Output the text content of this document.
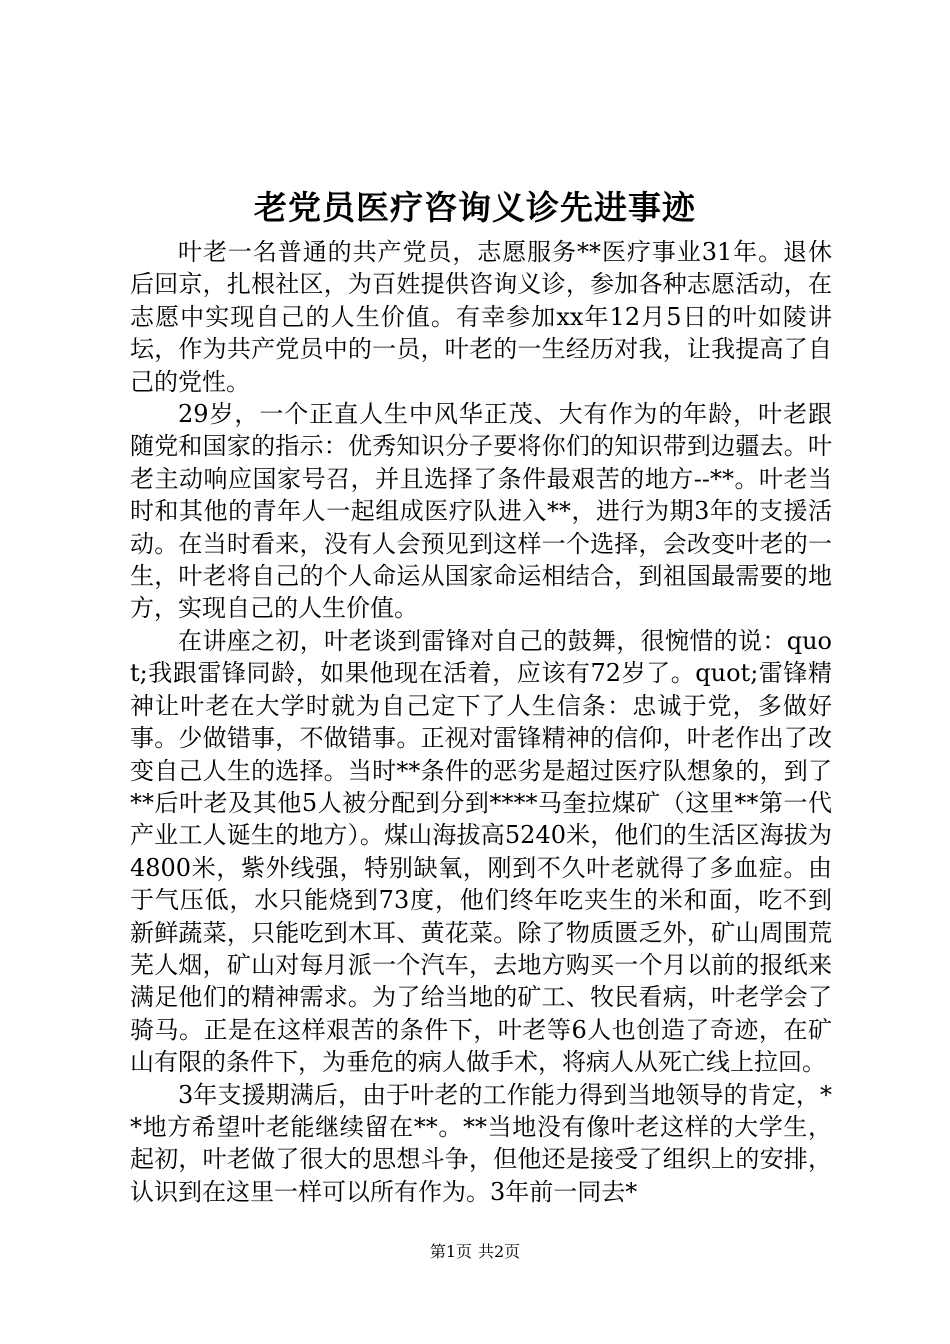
老党员医疗咨询义诊先进事迹

叶老一名普通的共产党员，志愿服务**医疗事业31年。退休后回京，扎根社区，为百姓提供咨询义诊，参加各种志愿活动，在志愿中实现自己的人生价值。有幸参加xx年12月5日的叶如陵讲坛，作为共产党员中的一员，叶老的一生经历对我，让我提高了自己的党性。

29岁，一个正直人生中风华正茂、大有作为的年龄，叶老跟随党和国家的指示：优秀知识分子要将你们的知识带到边疆去。叶老主动响应国家号召，并且选择了条件最艰苦的地方--**。叶老当时和其他的青年人一起组成医疗队进入**，进行为期3年的支援活动。在当时看来，没有人会预见到这样一个选择，会改变叶老的一生，叶老将自己的个人命运从国家命运相结合，到祖国最需要的地方，实现自己的人生价值。

在讲座之初，叶老谈到雷锋对自己的鼓舞，很惋惜的说：quot;我跟雷锋同龄，如果他现在活着，应该有72岁了。quot;雷锋精神让叶老在大学时就为自己定下了人生信条：忠诚于党，多做好事。少做错事，不做错事。正视对雷锋精神的信仰，叶老作出了改变自己人生的选择。当时**条件的恶劣是超过医疗队想象的，到了**后叶老及其他5人被分配到分到****马奎拉煤矿（这里**第一代产业工人诞生的地方）。煤山海拔高5240米，他们的生活区海拔为4800米，紫外线强，特别缺氧，刚到不久叶老就得了多血症。由于气压低，水只能烧到73度，他们终年吃夹生的米和面，吃不到新鲜蔬菜，只能吃到木耳、黄花菜。除了物质匮乏外，矿山周围荒芜人烟，矿山对每月派一个汽车，去地方购买一个月以前的报纸来满足他们的精神需求。为了给当地的矿工、牧民看病，叶老学会了骑马。正是在这样艰苦的条件下，叶老等6人也创造了奇迹，在矿山有限的条件下，为垂危的病人做手术，将病人从死亡线上拉回。

3年支援期满后，由于叶老的工作能力得到当地领导的肯定，**地方希望叶老能继续留在**。**当地没有像叶老这样的大学生，起初，叶老做了很大的思想斗争，但他还是接受了组织上的安排，认识到在这里一样可以所有作为。3年前一同去*

第1页 共2页
